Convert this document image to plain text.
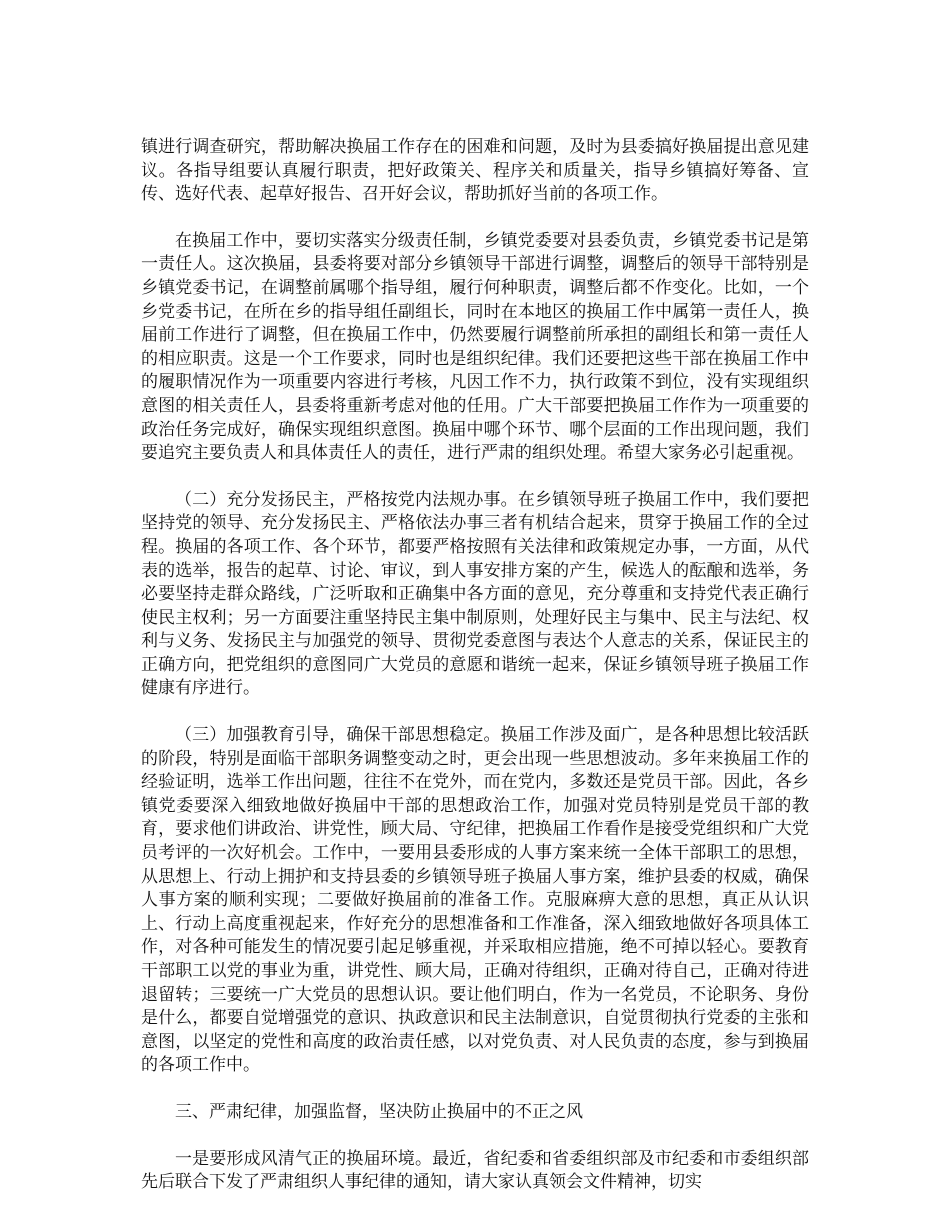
镇进行调查研究，帮助解决换届工作存在的困难和问题，及时为县委搞好换届提出意见建议。各指导组要认真履行职责，把好政策关、程序关和质量关，指导乡镇搞好筹备、宣传、选好代表、起草好报告、召开好会议，帮助抓好当前的各项工作。

在换届工作中，要切实落实分级责任制，乡镇党委要对县委负责，乡镇党委书记是第一责任人。这次换届，县委将要对部分乡镇领导干部进行调整，调整后的领导干部特别是乡镇党委书记，在调整前属哪个指导组，履行何种职责，调整后都不作变化。比如，一个乡党委书记，在所在乡的指导组任副组长，同时在本地区的换届工作中属第一责任人，换届前工作进行了调整，但在换届工作中，仍然要履行调整前所承担的副组长和第一责任人的相应职责。这是一个工作要求，同时也是组织纪律。我们还要把这些干部在换届工作中的履职情况作为一项重要内容进行考核，凡因工作不力，执行政策不到位，没有实现组织意图的相关责任人，县委将重新考虑对他的任用。广大干部要把换届工作作为一项重要的政治任务完成好，确保实现组织意图。换届中哪个环节、哪个层面的工作出现问题，我们要追究主要负责人和具体责任人的责任，进行严肃的组织处理。希望大家务必引起重视。

（二）充分发扬民主，严格按党内法规办事。在乡镇领导班子换届工作中，我们要把坚持党的领导、充分发扬民主、严格依法办事三者有机结合起来，贯穿于换届工作的全过程。换届的各项工作、各个环节，都要严格按照有关法律和政策规定办事，一方面，从代表的选举，报告的起草、讨论、审议，到人事安排方案的产生，候选人的酝酿和选举，务必要坚持走群众路线，广泛听取和正确集中各方面的意见，充分尊重和支持党代表正确行使民主权利；另一方面要注重坚持民主集中制原则，处理好民主与集中、民主与法纪、权利与义务、发扬民主与加强党的领导、贯彻党委意图与表达个人意志的关系，保证民主的正确方向，把党组织的意图同广大党员的意愿和谐统一起来，保证乡镇领导班子换届工作健康有序进行。

（三）加强教育引导，确保干部思想稳定。换届工作涉及面广，是各种思想比较活跃的阶段，特别是面临干部职务调整变动之时，更会出现一些思想波动。多年来换届工作的经验证明，选举工作出问题，往往不在党外，而在党内，多数还是党员干部。因此，各乡镇党委要深入细致地做好换届中干部的思想政治工作，加强对党员特别是党员干部的教育，要求他们讲政治、讲党性，顾大局、守纪律，把换届工作看作是接受党组织和广大党员考评的一次好机会。工作中，一要用县委形成的人事方案来统一全体干部职工的思想，从思想上、行动上拥护和支持县委的乡镇领导班子换届人事方案，维护县委的权威，确保人事方案的顺利实现；二要做好换届前的准备工作。克服麻痹大意的思想，真正从认识上、行动上高度重视起来，作好充分的思想准备和工作准备，深入细致地做好各项具体工作，对各种可能发生的情况要引起足够重视，并采取相应措施，绝不可掉以轻心。要教育干部职工以党的事业为重，讲党性、顾大局，正确对待组织，正确对待自己，正确对待进退留转；三要统一广大党员的思想认识。要让他们明白，作为一名党员，不论职务、身份是什么，都要自觉增强党的意识、执政意识和民主法制意识，自觉贯彻执行党委的主张和意图，以坚定的党性和高度的政治责任感，以对党负责、对人民负责的态度，参与到换届的各项工作中。

三、严肃纪律，加强监督，坚决防止换届中的不正之风

一是要形成风清气正的换届环境。最近，省纪委和省委组织部及市纪委和市委组织部先后联合下发了严肃组织人事纪律的通知，请大家认真领会文件精神，切实
